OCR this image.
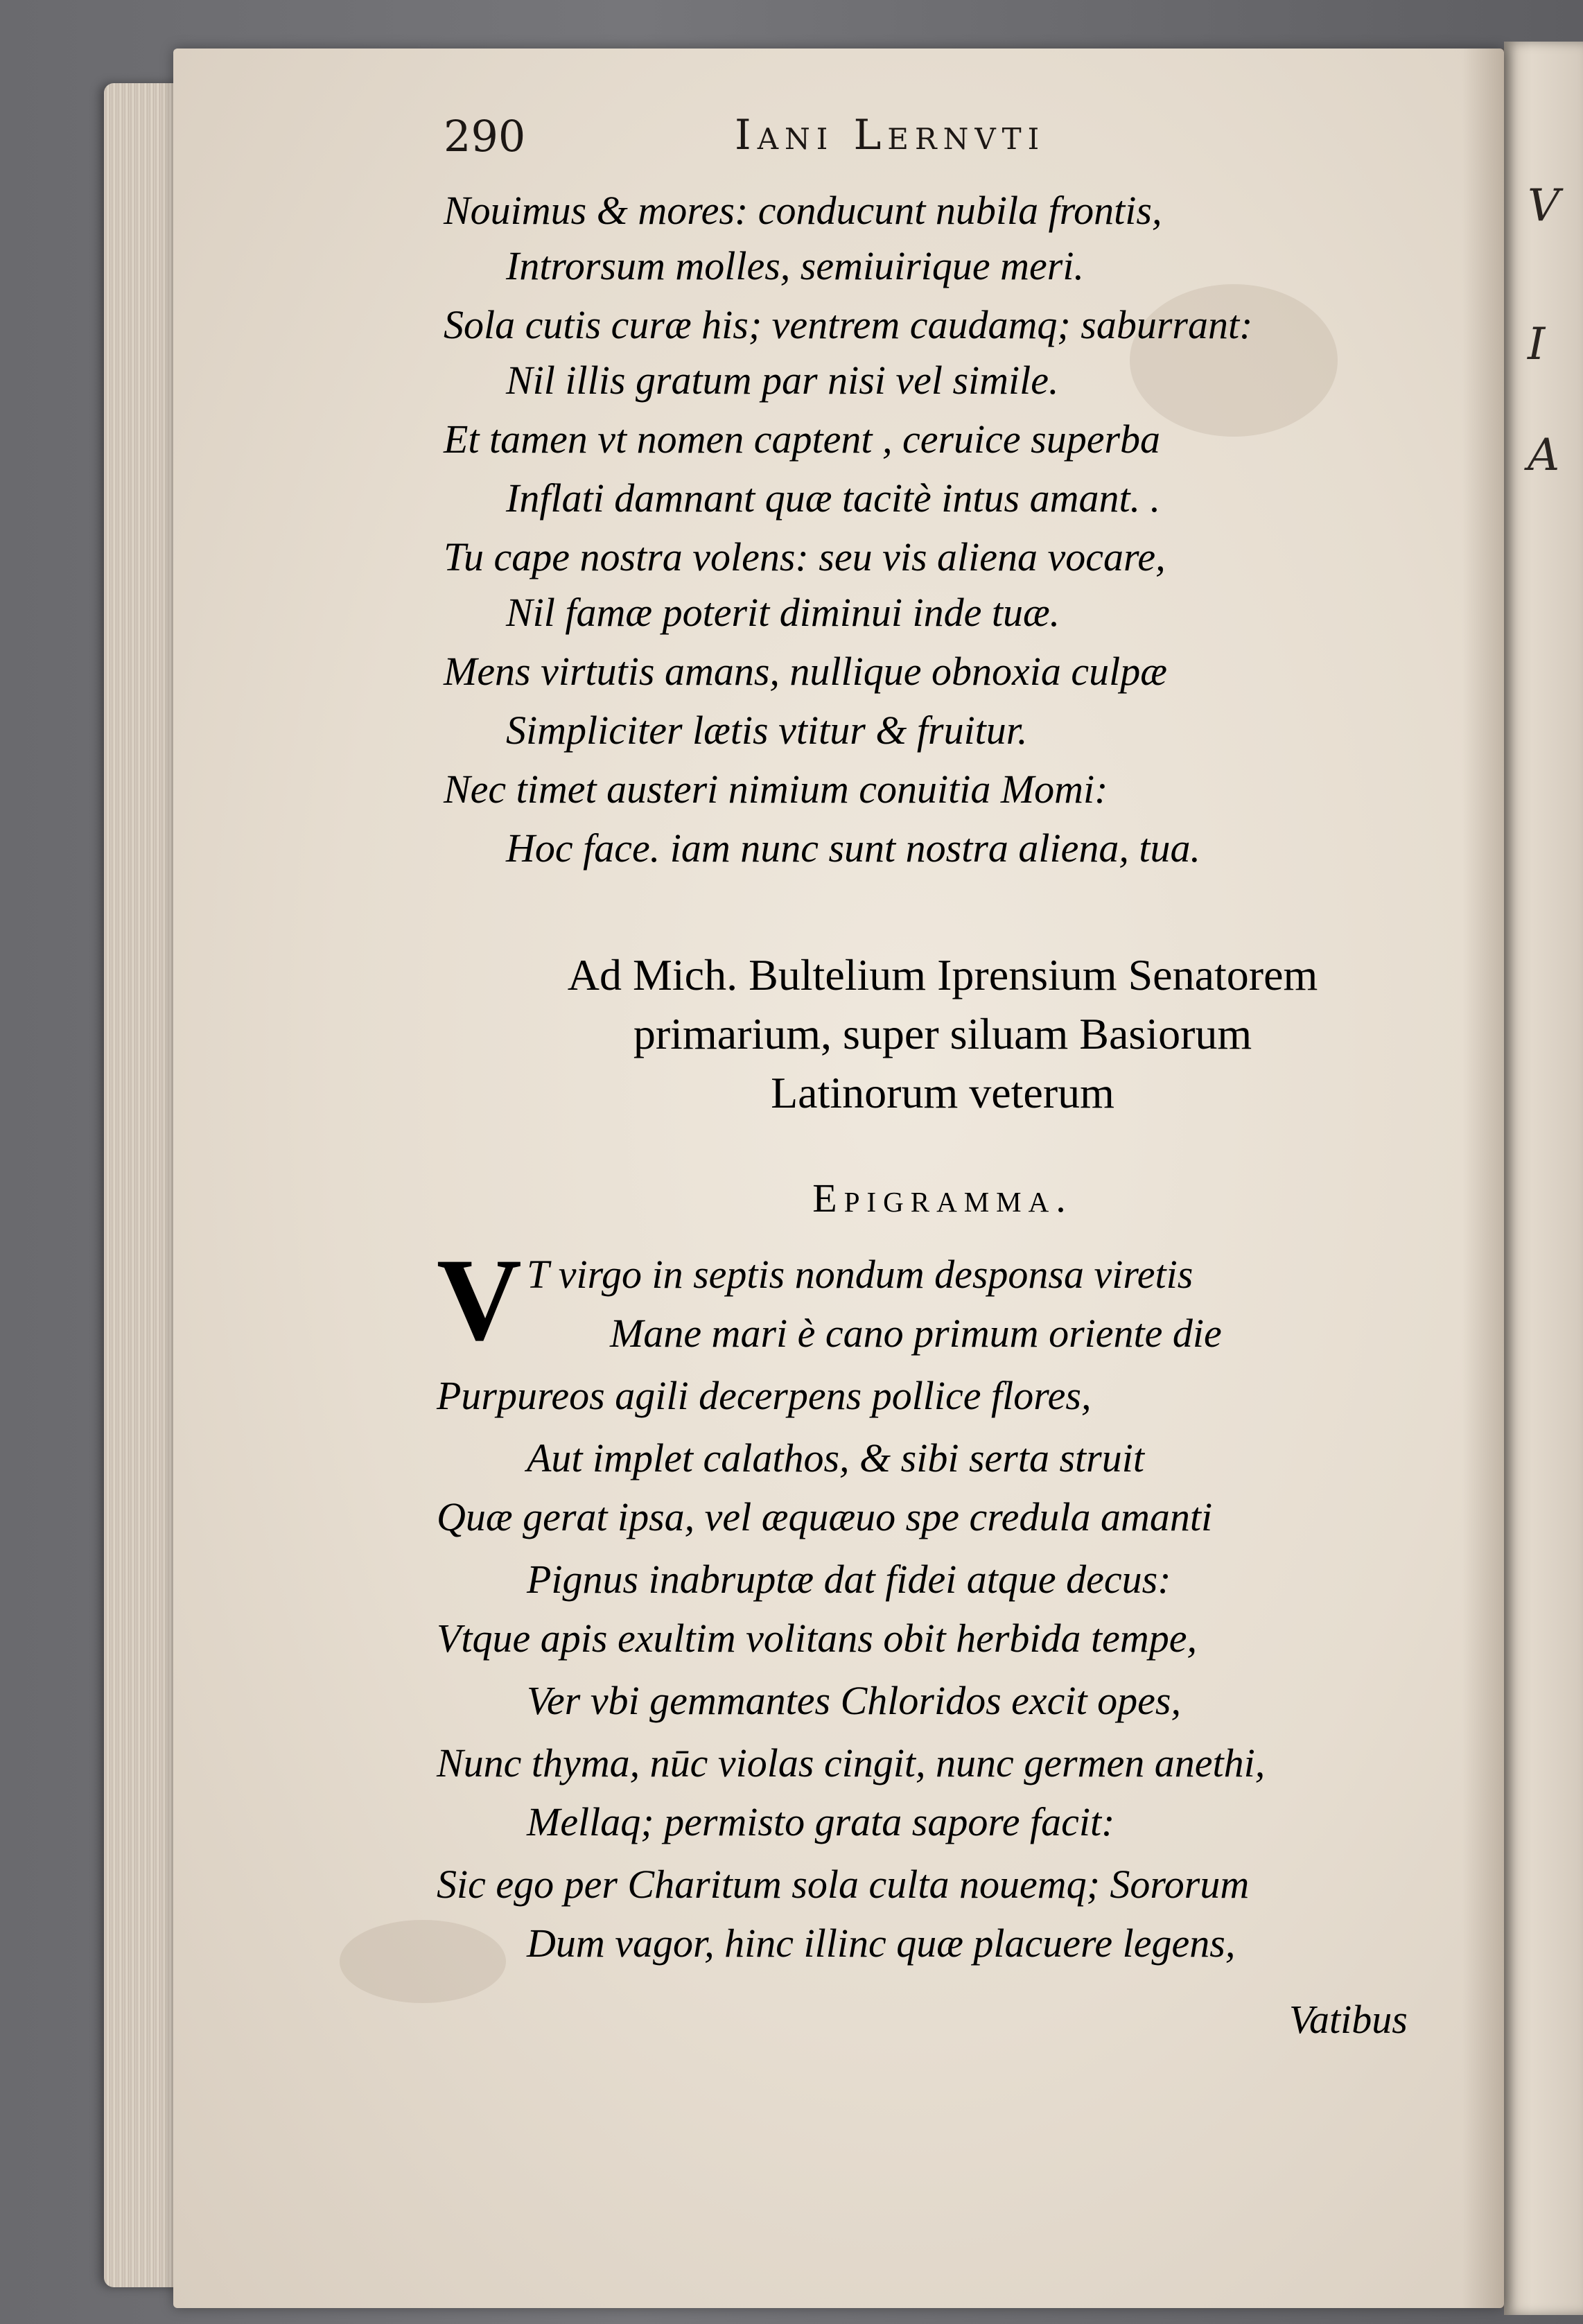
V
I
A
290	Iani Lernvti
Nouimus & mores: conducunt nubila frontis,
Introrsum molles, semiuirique meri.
Sola cutis curæ his; ventrem caudamq; saburrant:
Nil illis gratum par nisi vel simile.
Et tamen vt nomen captent , ceruice superba
Inflati damnant quæ tacitè intus amant. .
Tu cape nostra volens: seu vis aliena vocare,
Nil famæ poterit diminui inde tuæ.
Mens virtutis amans, nullique obnoxia culpæ
Simpliciter lætis vtitur & fruitur.
Nec timet austeri nimium conuitia Momi:
Hoc face. iam nunc sunt nostra aliena, tua.
Ad Mich. Bultelium Iprensium Senatorem
primarium, super siluam Basiorum
Latinorum veterum
Epigramma.
V T virgo in septis nondum desponsa viretis
Mane mari è cano primum oriente die
Purpureos agili decerpens pollice flores,
Aut implet calathos, & sibi serta struit
Quæ gerat ipsa, vel æquæuo spe credula amanti
Pignus inabruptæ dat fidei atque decus:
Vtque apis exultim volitans obit herbida tempe,
Ver vbi gemmantes Chloridos excit opes,
Nunc thyma, nūc violas cingit, nunc germen anethi,
Mellaq; permisto grata sapore facit:
Sic ego per Charitum sola culta nouemq; Sororum
Dum vagor, hinc illinc quæ placuere legens,
Vatibus
